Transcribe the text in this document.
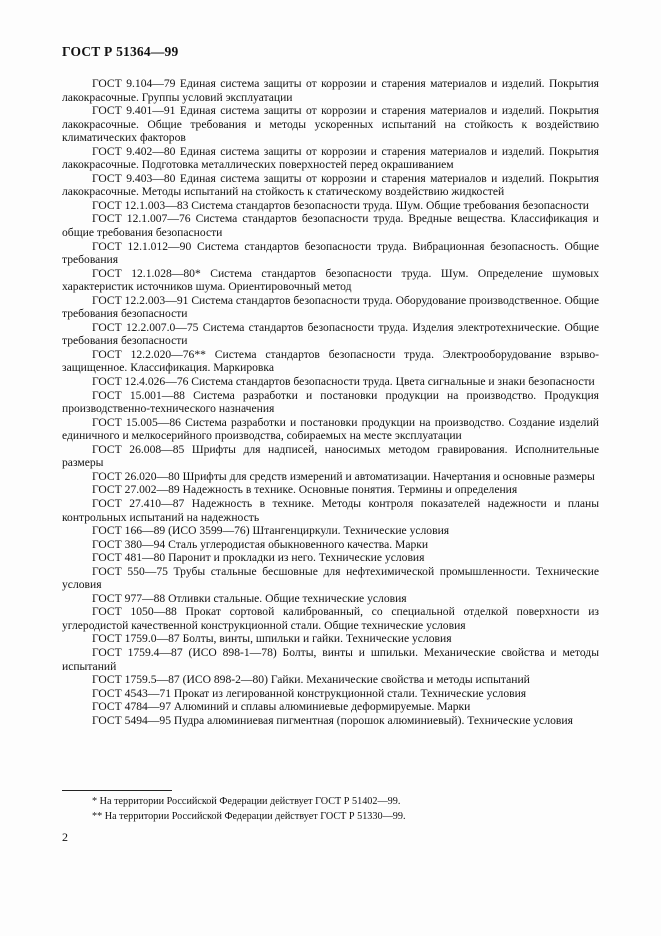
ГОСТ Р 51364—99

ГОСТ 9.104—79 Единая система защиты от коррозии и старения материалов и изделий. Покрытия лакокрасочные. Группы условий эксплуатации

ГОСТ 9.401—91 Единая система защиты от коррозии и старения материалов и изделий. Покрытия лакокрасочные. Общие требования и методы ускоренных испытаний на стойкость к воздействию климатических факторов

ГОСТ 9.402—80 Единая система защиты от коррозии и старения материалов и изделий. Покрытия лакокрасочные. Подготовка металлических поверхностей перед окрашиванием

ГОСТ 9.403—80 Единая система защиты от коррозии и старения материалов и изделий. Покрытия лакокрасочные. Методы испытаний на стойкость к статическому воздействию жидкостей

ГОСТ 12.1.003—83 Система стандартов безопасности труда. Шум. Общие требования безопасности

ГОСТ 12.1.007—76 Система стандартов безопасности труда. Вредные вещества. Классификация и общие требования безопасности

ГОСТ 12.1.012—90 Система стандартов безопасности труда. Вибрационная безопасность. Общие требования

ГОСТ 12.1.028—80* Система стандартов безопасности труда. Шум. Определение шумовых характеристик источников шума. Ориентировочный метод

ГОСТ 12.2.003—91 Система стандартов безопасности труда. Оборудование производственное. Общие требования безопасности

ГОСТ 12.2.007.0—75 Система стандартов безопасности труда. Изделия электротехнические. Общие требования безопасности

ГОСТ 12.2.020—76** Система стандартов безопасности труда. Электрооборудование взрывозащищенное. Классификация. Маркировка

ГОСТ 12.4.026—76 Система стандартов безопасности труда. Цвета сигнальные и знаки безопасности

ГОСТ 15.001—88 Система разработки и постановки продукции на производство. Продукция производственно-технического назначения

ГОСТ 15.005—86 Система разработки и постановки продукции на производство. Создание изделий единичного и мелкосерийного производства, собираемых на месте эксплуатации

ГОСТ 26.008—85 Шрифты для надписей, наносимых методом гравирования. Исполнительные размеры

ГОСТ 26.020—80 Шрифты для средств измерений и автоматизации. Начертания и основные размеры

ГОСТ 27.002—89 Надежность в технике. Основные понятия. Термины и определения

ГОСТ 27.410—87 Надежность в технике. Методы контроля показателей надежности и планы контрольных испытаний на надежность

ГОСТ 166—89 (ИСО 3599—76) Штангенциркули. Технические условия

ГОСТ 380—94 Сталь углеродистая обыкновенного качества. Марки

ГОСТ 481—80 Паронит и прокладки из него. Технические условия

ГОСТ 550—75 Трубы стальные бесшовные для нефтехимической промышленности. Технические условия

ГОСТ 977—88 Отливки стальные. Общие технические условия

ГОСТ 1050—88 Прокат сортовой калиброванный, со специальной отделкой поверхности из углеродистой качественной конструкционной стали. Общие технические условия

ГОСТ 1759.0—87 Болты, винты, шпильки и гайки. Технические условия

ГОСТ 1759.4—87 (ИСО 898-1—78) Болты, винты и шпильки. Механические свойства и методы испытаний

ГОСТ 1759.5—87 (ИСО 898-2—80) Гайки. Механические свойства и методы испытаний

ГОСТ 4543—71 Прокат из легированной конструкционной стали. Технические условия

ГОСТ 4784—97 Алюминий и сплавы алюминиевые деформируемые. Марки

ГОСТ 5494—95 Пудра алюминиевая пигментная (порошок алюминиевый). Технические условия

* На территории Российской Федерации действует ГОСТ Р 51402—99.

** На территории Российской Федерации действует ГОСТ Р 51330—99.

2
